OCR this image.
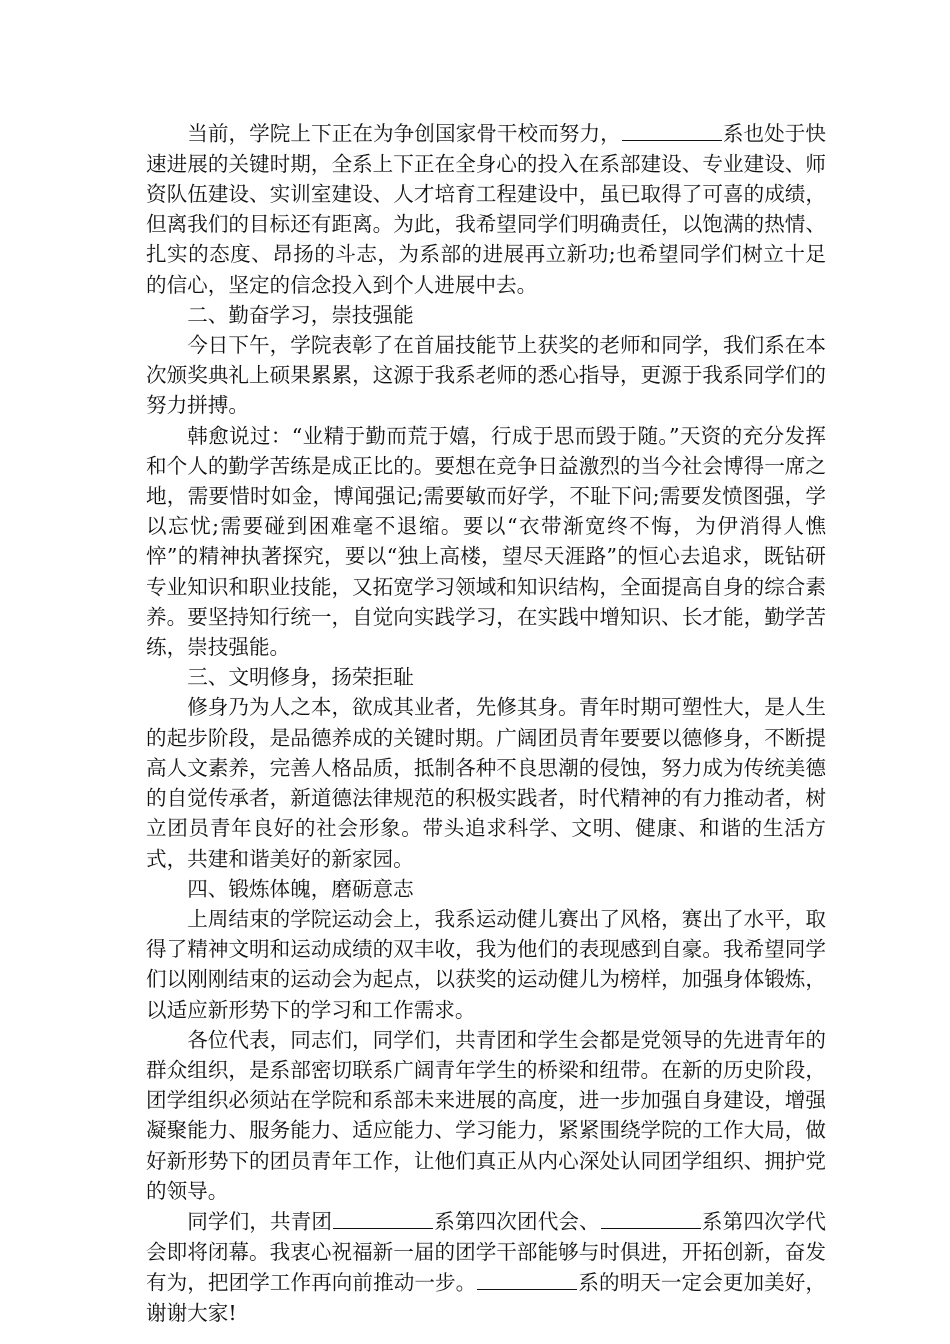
当前，学院上下正在为争创国家骨干校而努力，	系也处于快速进展的关键时期，全系上下正在全身心的投入在系部建设、专业建设、师资队伍建设、实训室建设、人才培育工程建设中，虽已取得了可喜的成绩，但离我们的目标还有距离。为此，我希望同学们明确责任，以饱满的热情、扎实的态度、昂扬的斗志，为系部的进展再立新功;也希望同学们树立十足的信心，坚定的信念投入到个人进展中去。

二、勤奋学习，崇技强能

今日下午，学院表彰了在首届技能节上获奖的老师和同学，我们系在本次颁奖典礼上硕果累累，这源于我系老师的悉心指导，更源于我系同学们的努力拼搏。

韩愈说过：“业精于勤而荒于嬉，行成于思而毁于随。”天资的充分发挥和个人的勤学苦练是成正比的。要想在竞争日益激烈的当今社会博得一席之地，需要惜时如金，博闻强记;需要敏而好学，不耻下问;需要发愤图强，学以忘忧;需要碰到困难毫不退缩。要以“衣带渐宽终不悔，为伊消得人憔悴”的精神执著探究，要以“独上高楼，望尽天涯路”的恒心去追求，既钻研专业知识和职业技能，又拓宽学习领域和知识结构，全面提高自身的综合素养。要坚持知行统一，自觉向实践学习，在实践中增知识、长才能，勤学苦练，崇技强能。

三、文明修身，扬荣拒耻

修身乃为人之本，欲成其业者，先修其身。青年时期可塑性大，是人生的起步阶段，是品德养成的关键时期。广阔团员青年要要以德修身，不断提高人文素养，完善人格品质，抵制各种不良思潮的侵蚀，努力成为传统美德的自觉传承者，新道德法律规范的积极实践者，时代精神的有力推动者，树立团员青年良好的社会形象。带头追求科学、文明、健康、和谐的生活方式，共建和谐美好的新家园。

四、锻炼体魄，磨砺意志

上周结束的学院运动会上，我系运动健儿赛出了风格，赛出了水平，取得了精神文明和运动成绩的双丰收，我为他们的表现感到自豪。我希望同学们以刚刚结束的运动会为起点，以获奖的运动健儿为榜样，加强身体锻炼，以适应新形势下的学习和工作需求。

各位代表，同志们，同学们，共青团和学生会都是党领导的先进青年的群众组织，是系部密切联系广阔青年学生的桥梁和纽带。在新的历史阶段，团学组织必须站在学院和系部未来进展的高度，进一步加强自身建设，增强凝聚能力、服务能力、适应能力、学习能力，紧紧围绕学院的工作大局，做好新形势下的团员青年工作，让他们真正从内心深处认同团学组织、拥护党的领导。

同学们，共青团	系第四次团代会、	系第四次学代会即将闭幕。我衷心祝福新一届的团学干部能够与时俱进，开拓创新，奋发有为，把团学工作再向前推动一步。	系的明天一定会更加美好，谢谢大家!
